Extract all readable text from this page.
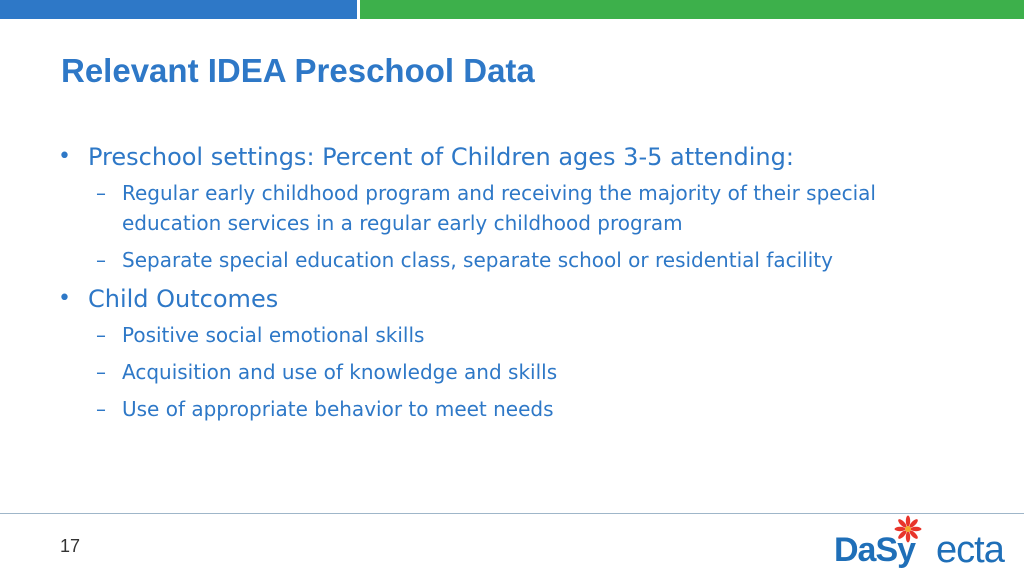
Relevant IDEA Preschool Data
• Preschool settings: Percent of Children ages 3-5 attending:
– Regular early childhood program and receiving the majority of their special education services in a regular early childhood program
– Separate special education class, separate school or residential facility
• Child Outcomes
– Positive social emotional skills
– Acquisition and use of knowledge and skills
– Use of appropriate behavior to meet needs
17	DaSy ecta
